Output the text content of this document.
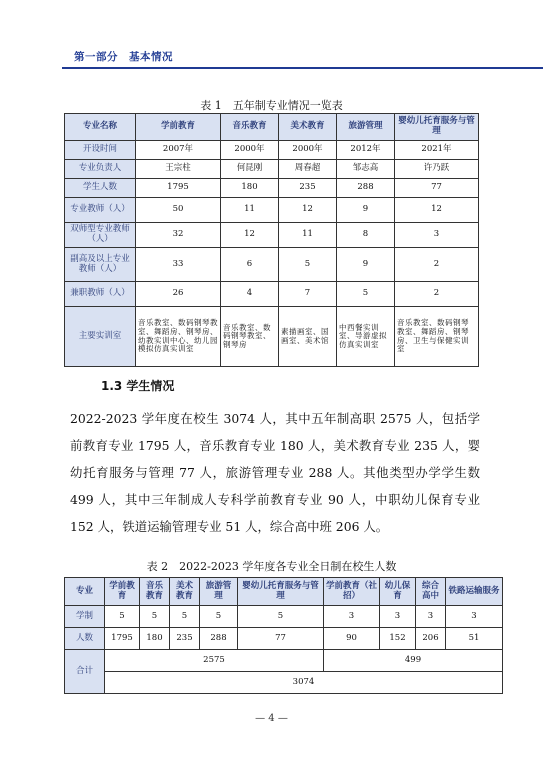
第一部分　基本情况
表 1　五年制专业情况一览表
专业名称	学前教育	音乐教育	美术教育	旅游管理	婴幼儿托育服务与管理
开设时间	2007年	2000年	2000年	2012年	2021年
专业负责人	王宗柱	何昆刚	周春超	邹志高	许乃跃
学生人数	1795	180	235	288	77
专业教师（人）	50	11	12	9	12
双师型专业教师（人）	32	12	11	8	3
副高及以上专业教师（人）	33	6	5	9	2
兼职教师（人）	26	4	7	5	2
主要实训室	音乐教室、数码钢琴教室、舞蹈房、钢琴房、幼教实训中心、幼儿园模拟仿真实训室	音乐教室、数码钢琴教室、钢琴房	素描画室、国画室、美术馆	中西餐实训室、导游虚拟仿真实训室	音乐教室、数码钢琴教室、舞蹈房、钢琴房、卫生与保健实训室
1.3 学生情况
2022-2023 学年度在校生 3074 人，其中五年制高职 2575 人，包括学前教育专业 1795 人，音乐教育专业 180 人，美术教育专业 235 人，婴幼托育服务与管理 77 人，旅游管理专业 288 人。其他类型办学学生数 499 人，其中三年制成人专科学前教育专业 90 人，中职幼儿保育专业 152 人，铁道运输管理专业 51 人，综合高中班 206 人。
表 2　2022-2023 学年度各专业全日制在校生人数
专业	学前教育	音乐教育	美术教育	旅游管理	婴幼儿托育服务与管理	学前教育（社招）	幼儿保育	综合高中	铁路运输服务
学制	5	5	5	5	5	3	3	3	3
人数	1795	180	235	288	77	90	152	206	51
合计	2575					499			
	3074								
— 4 —
